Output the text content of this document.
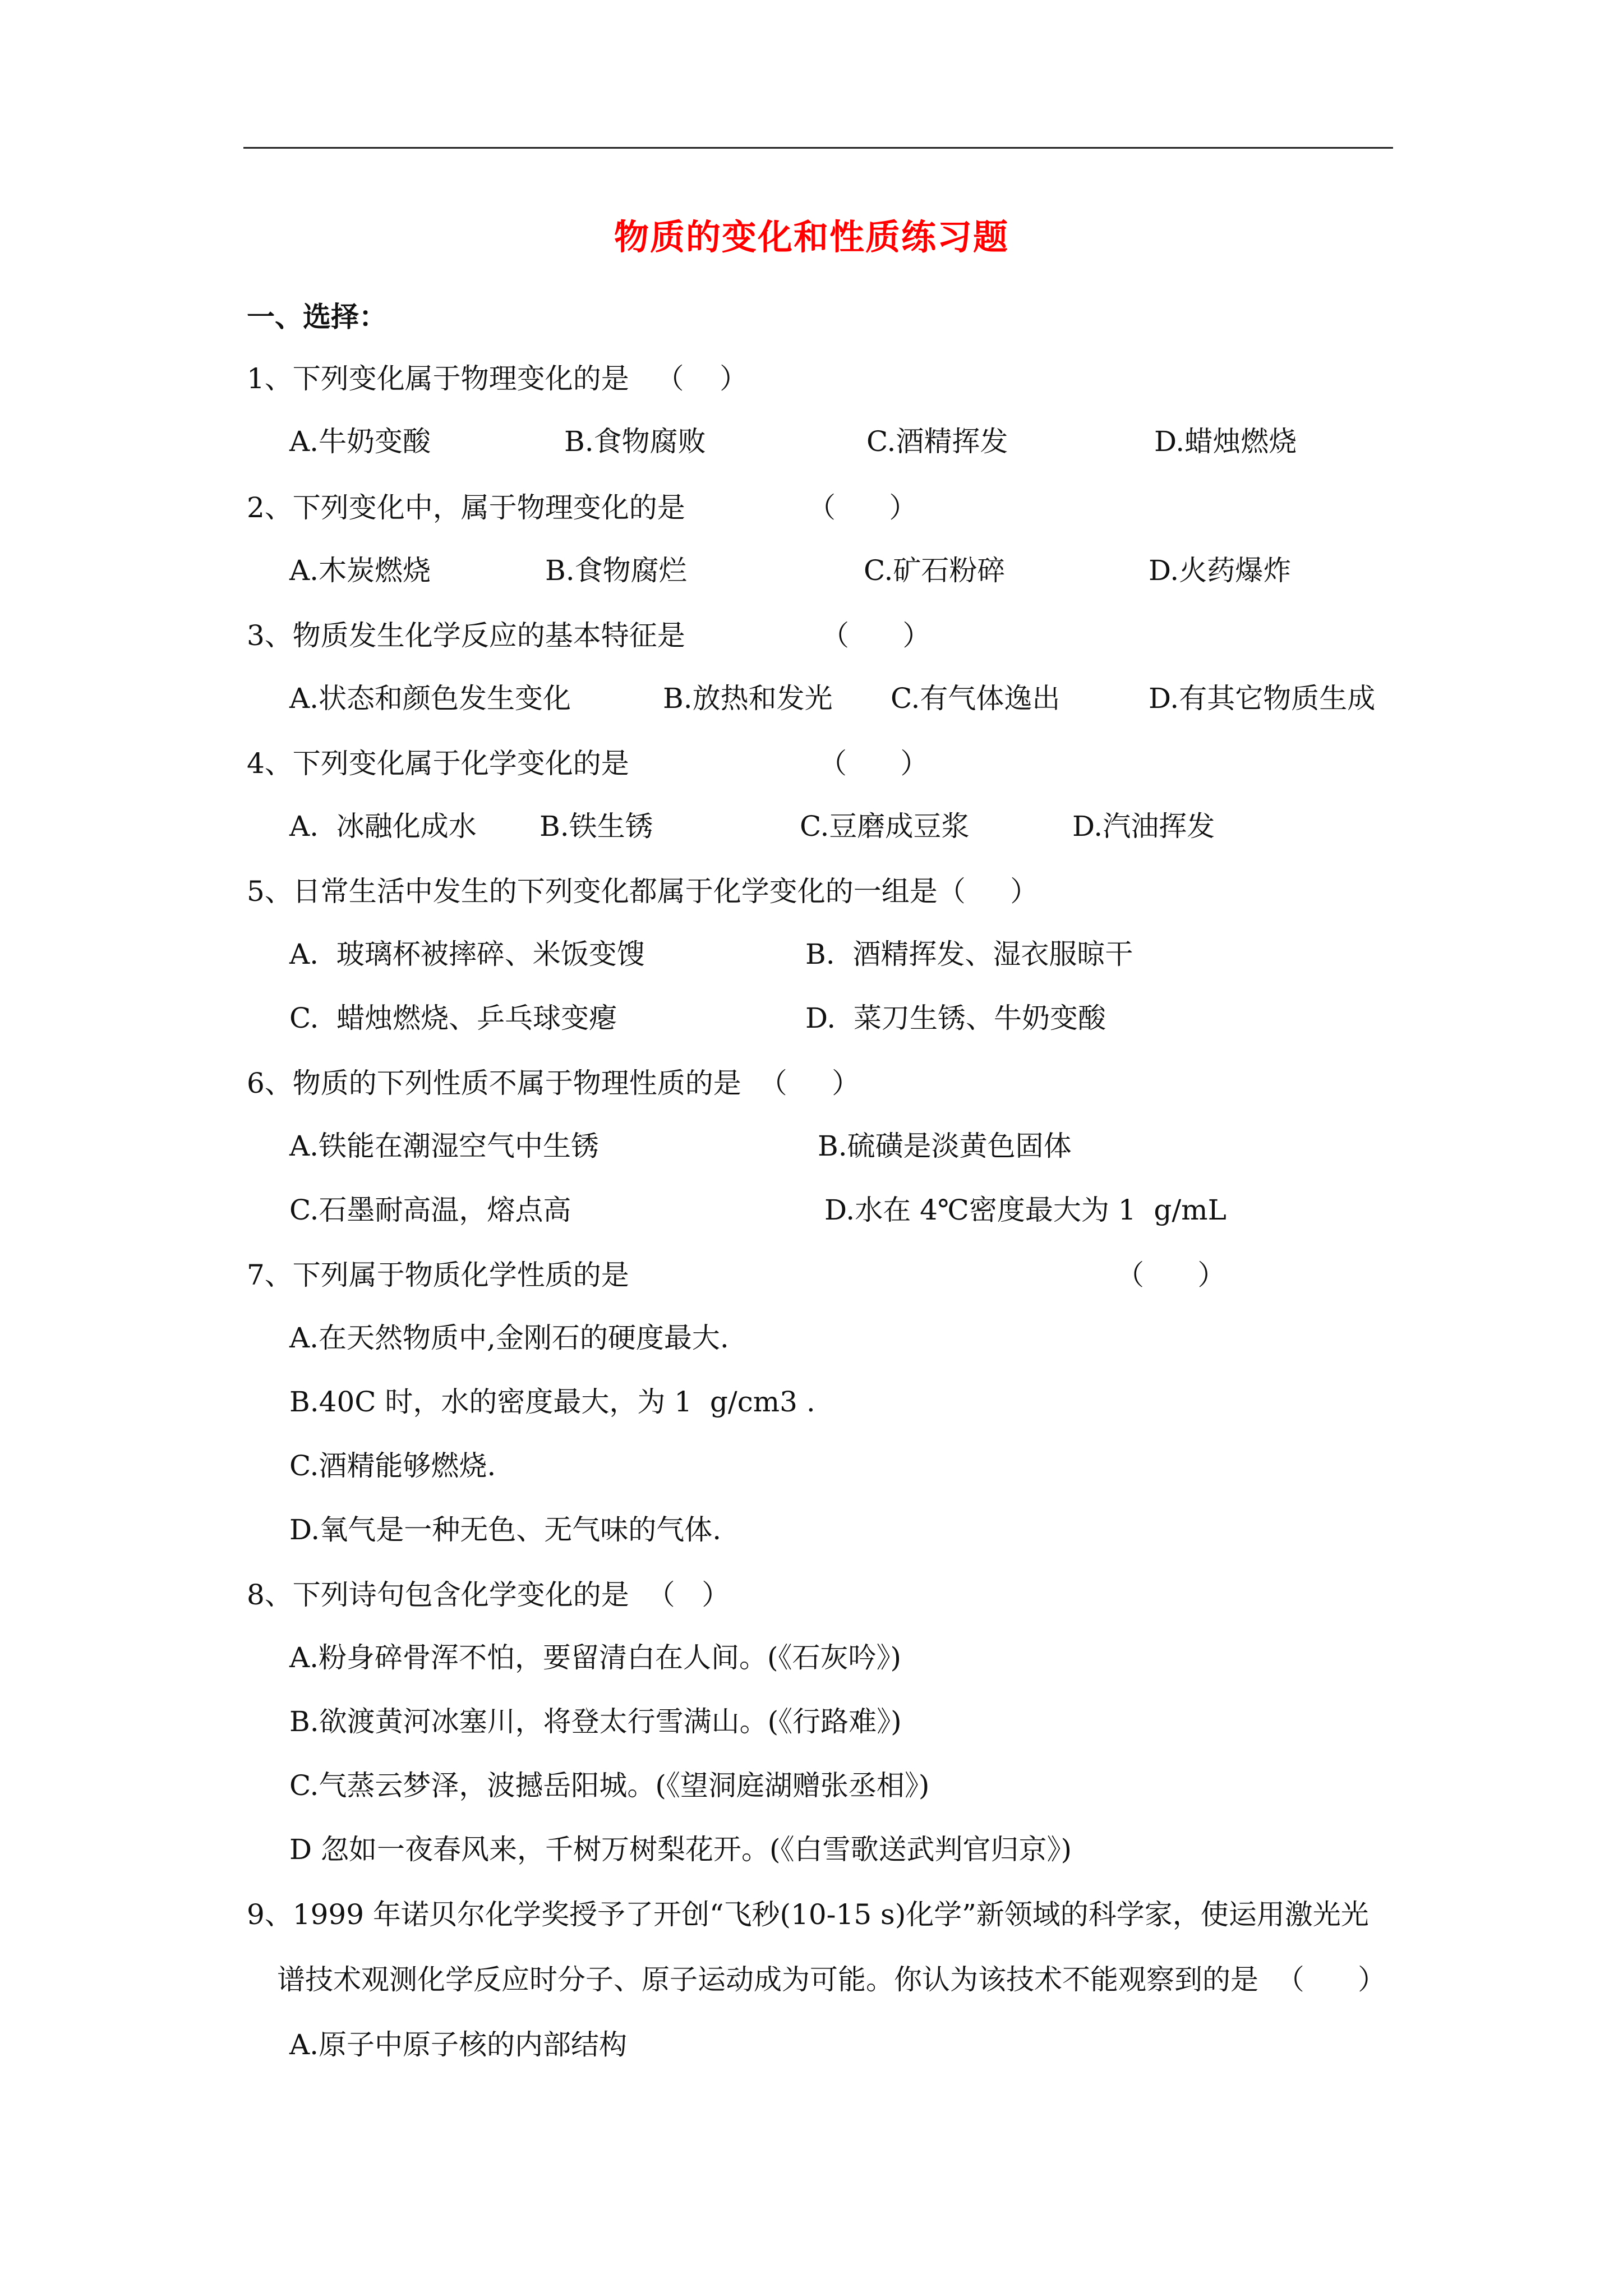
物质的变化和性质练习题
一、选择：
1、下列变化属于物理变化的是   （    ）
A.牛奶变酸	B.食物腐败	C.酒精挥发	D.蜡烛燃烧
2、下列变化中，属于物理变化的是	（      ）
A.木炭燃烧	B.食物腐烂	C.矿石粉碎	D.火药爆炸
3、物质发生化学反应的基本特征是	（      ）
A.状态和颜色发生变化	B.放热和发光 C.有气体逸出	D.有其它物质生成
4、下列变化属于化学变化的是	（      ）
A.  冰融化成水 B.铁生锈	C.豆磨成豆浆	D.汽油挥发
5、日常生活中发生的下列变化都属于化学变化的一组是（     ）
A.  玻璃杯被摔碎、米饭变馊	B.  酒精挥发、湿衣服晾干
C.  蜡烛燃烧、乒乓球变瘪	D.  菜刀生锈、牛奶变酸
6、物质的下列性质不属于物理性质的是  （     ）
A.铁能在潮湿空气中生锈	B.硫磺是淡黄色固体
C.石墨耐高温，熔点高	D.水在 4℃密度最大为 1  g/mL
7、下列属于物质化学性质的是	（      ）
A.在天然物质中,金刚石的硬度最大.
B.40C 时，水的密度最大，为 1  g/cm3 .
C.酒精能够燃烧.
D.氧气是一种无色、无气味的气体.
8、下列诗句包含化学变化的是  （   ）
A.粉身碎骨浑不怕，要留清白在人间。(《石灰吟》)
B.欲渡黄河冰塞川，将登太行雪满山。(《行路难》)
C.气蒸云梦泽，波撼岳阳城。(《望洞庭湖赠张丞相》)
D 忽如一夜春风来，千树万树梨花开。(《白雪歌送武判官归京》)
9、1999 年诺贝尔化学奖授予了开创“飞秒(10-15 s)化学”新领域的科学家，使运用激光光
谱技术观测化学反应时分子、原子运动成为可能。你认为该技术不能观察到的是  （      ）
A.原子中原子核的内部结构
